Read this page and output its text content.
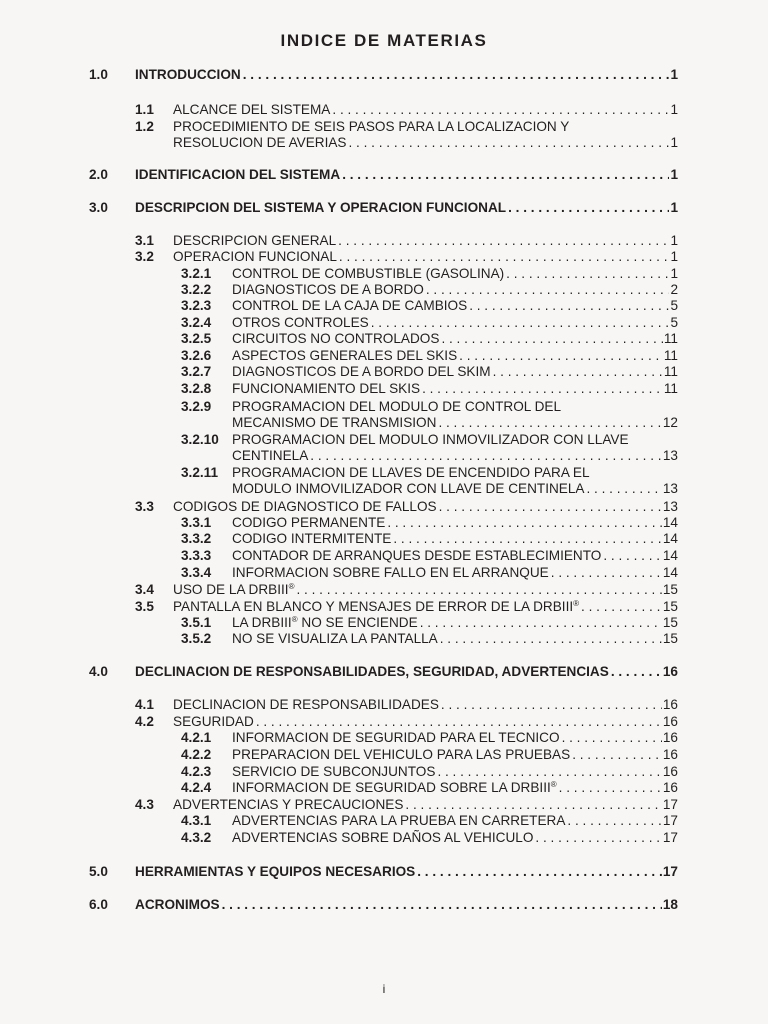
INDICE DE MATERIAS
1.0 INTRODUCCION . . .	1
1.1 ALCANCE DEL SISTEMA . . .	1
1.2 PROCEDIMIENTO DE SEIS PASOS PARA LA LOCALIZACION Y
RESOLUCION DE AVERIAS . . .	1
2.0 IDENTIFICACION DEL SISTEMA . . .	1
3.0 DESCRIPCION DEL SISTEMA Y OPERACION FUNCIONAL . . .	1
3.1 DESCRIPCION GENERAL . . .	1
3.2 OPERACION FUNCIONAL . . .	1
3.2.1 CONTROL DE COMBUSTIBLE (GASOLINA) . . .	1
3.2.2 DIAGNOSTICOS DE A BORDO . . .	2
3.2.3 CONTROL DE LA CAJA DE CAMBIOS . . .	5
3.2.4 OTROS CONTROLES . . .	5
3.2.5 CIRCUITOS NO CONTROLADOS . . .	11
3.2.6 ASPECTOS GENERALES DEL SKIS . . .	11
3.2.7 DIAGNOSTICOS DE A BORDO DEL SKIM . . .	11
3.2.8 FUNCIONAMIENTO DEL SKIS . . .	11
3.2.9 PROGRAMACION DEL MODULO DE CONTROL DEL
MECANISMO DE TRANSMISION . . .	12
3.2.10 PROGRAMACION DEL MODULO INMOVILIZADOR CON LLAVE
CENTINELA . . .	13
3.2.11 PROGRAMACION DE LLAVES DE ENCENDIDO PARA EL
MODULO INMOVILIZADOR CON LLAVE DE CENTINELA . . .	13
3.3 CODIGOS DE DIAGNOSTICO DE FALLOS . . .	13
3.3.1 CODIGO PERMANENTE . . .	14
3.3.2 CODIGO INTERMITENTE . . .	14
3.3.3 CONTADOR DE ARRANQUES DESDE ESTABLECIMIENTO . . .	14
3.3.4 INFORMACION SOBRE FALLO EN EL ARRANQUE . . .	14
3.4 USO DE LA DRBIII® . . .	15
3.5 PANTALLA EN BLANCO Y MENSAJES DE ERROR DE LA DRBIII® . . .	15
3.5.1 LA DRBIII® NO SE ENCIENDE . . .	15
3.5.2 NO SE VISUALIZA LA PANTALLA . . .	15
4.0 DECLINACION DE RESPONSABILIDADES, SEGURIDAD, ADVERTENCIAS . . .	16
4.1 DECLINACION DE RESPONSABILIDADES . . .	16
4.2 SEGURIDAD . . .	16
4.2.1 INFORMACION DE SEGURIDAD PARA EL TECNICO . . .	16
4.2.2 PREPARACION DEL VEHICULO PARA LAS PRUEBAS . . .	16
4.2.3 SERVICIO DE SUBCONJUNTOS . . .	16
4.2.4 INFORMACION DE SEGURIDAD SOBRE LA DRBIII® . . .	16
4.3 ADVERTENCIAS Y PRECAUCIONES . . .	17
4.3.1 ADVERTENCIAS PARA LA PRUEBA EN CARRETERA . . .	17
4.3.2 ADVERTENCIAS SOBRE DAÑOS AL VEHICULO . . .	17
5.0 HERRAMIENTAS Y EQUIPOS NECESARIOS . . .	17
6.0 ACRONIMOS . . .	18
i
